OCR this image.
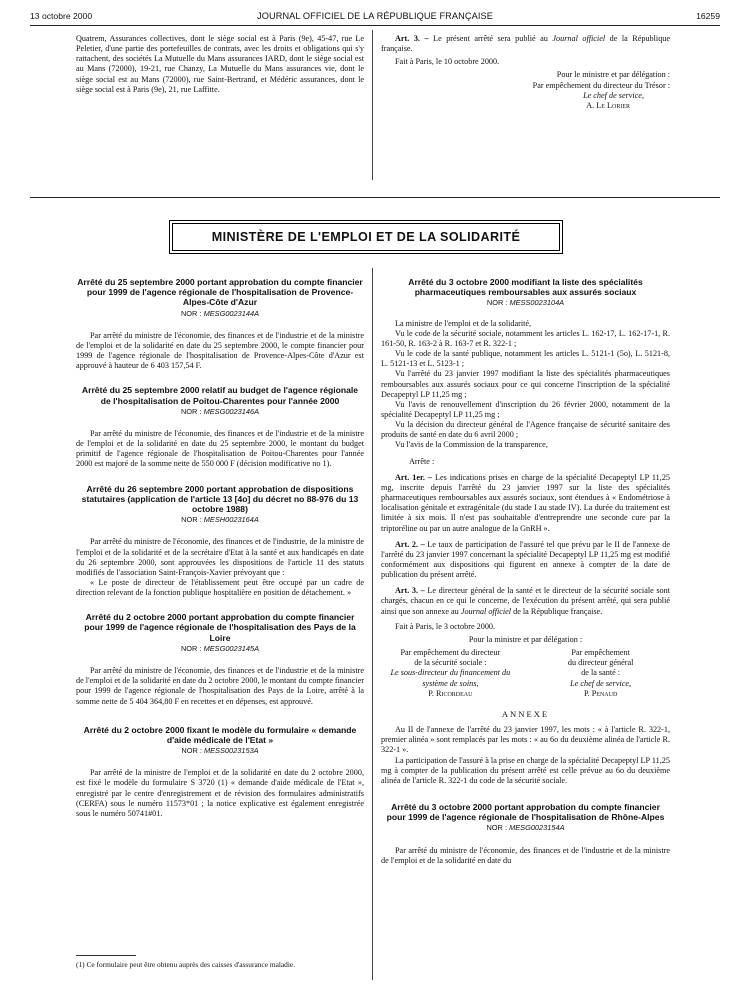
13 octobre 2000	JOURNAL OFFICIEL DE LA RÉPUBLIQUE FRANÇAISE	16259

Quatrem, Assurances collectives, dont le siège social est à Paris (9e), 45-47, rue Le Peletier, d'une partie des portefeuilles de contrats, avec les droits et obligations qui s'y rattachent, des sociétés La Mutuelle du Mans assurances IARD, dont le siège social est au Mans (72000), 19-21, rue Chanzy, La Mutuelle du Mans assurances vie, dont le siège social est au Mans (72000), rue Saint-Bertrand, et Médéric assurances, dont le siège social est à Paris (9e), 21, rue Laffitte.

Art. 3. – Le présent arrêté sera publié au Journal officiel de la République française.

Fait à Paris, le 10 octobre 2000.

Pour le ministre et par délégation :

Par empêchement du directeur du Trésor :

Le chef de service,

A. Le Lorier

MINISTÈRE DE L'EMPLOI ET DE LA SOLIDARITÉ
Arrêté du 25 septembre 2000 portant approbation du compte financier pour 1999 de l'agence régionale de l'hospitalisation de Provence-Alpes-Côte d'Azur
NOR : MESG0023144A

Par arrêté du ministre de l'économie, des finances et de l'industrie et de la ministre de l'emploi et de la solidarité en date du 25 septembre 2000, le compte financier pour 1999 de l'agence régionale de l'hospitalisation de Provence-Alpes-Côte d'Azur est approuvé à hauteur de 6 403 157,54 F.

Arrêté du 25 septembre 2000 relatif au budget de l'agence régionale de l'hospitalisation de Poitou-Charentes pour l'année 2000
NOR : MESG0023146A

Par arrêté du ministre de l'économie, des finances et de l'industrie et de la ministre de l'emploi et de la solidarité en date du 25 septembre 2000, le montant du budget primitif de l'agence régionale de l'hospitalisation de Poitou-Charentes pour l'année 2000 est majoré de la somme nette de 550 000 F (décision modificative no 1).

Arrêté du 26 septembre 2000 portant approbation de dispositions statutaires (application de l'article 13 [4o] du décret no 88-976 du 13 octobre 1988)
NOR : MESH0023164A

Par arrêté du ministre de l'économie, des finances et de l'industrie, de la ministre de l'emploi et de la solidarité et de la secrétaire d'Etat à la santé et aux handicapés en date du 26 septembre 2000, sont approuvées les dispositions de l'article 11 des statuts modifiés de l'association Saint-François-Xavier prévoyant que :

« Le poste de directeur de l'établissement peut être occupé par un cadre de direction relevant de la fonction publique hospitalière en position de détachement. »

Arrêté du 2 octobre 2000 portant approbation du compte financier pour 1999 de l'agence régionale de l'hospitalisation des Pays de la Loire
NOR : MESG0023145A

Par arrêté du ministre de l'économie, des finances et de l'industrie et de la ministre de l'emploi et de la solidarité en date du 2 octobre 2000, le montant du compte financier pour 1999 de l'agence régionale de l'hospitalisation des Pays de la Loire, arrêté à la somme nette de 5 404 364,80 F en recettes et en dépenses, est approuvé.

Arrêté du 2 octobre 2000 fixant le modèle du formulaire « demande d'aide médicale de l'Etat »
NOR : MESS0023153A

Par arrêté de la ministre de l'emploi et de la solidarité en date du 2 octobre 2000, est fixé le modèle du formulaire S 3720 (1) « demande d'aide médicale de l'Etat », enregistré par le centre d'enregistrement et de révision des formulaires administratifs (CERFA) sous le numéro 11573*01 ; la notice explicative est également enregistrée sous le numéro 50741#01.

(1) Ce formulaire peut être obtenu auprès des caisses d'assurance maladie.
Arrêté du 3 octobre 2000 modifiant la liste des spécialités pharmaceutiques remboursables aux assurés sociaux
NOR : MESS0023104A

La ministre de l'emploi et de la solidarité,

Vu le code de la sécurité sociale, notamment les articles L. 162-17, L. 162-17-1, R. 161-50, R. 163-2 à R. 163-7 et R. 322-1 ;

Vu le code de la santé publique, notamment les articles L. 5121-1 (5o), L. 5121-8, L. 5121-13 et L. 5123-1 ;

Vu l'arrêté du 23 janvier 1997 modifiant la liste des spécialités pharmaceutiques remboursables aux assurés sociaux pour ce qui concerne l'inscription de la spécialité Decapeptyl LP 11,25 mg ;

Vu l'avis de renouvellement d'inscription du 26 février 2000, notamment de la spécialité Decapeptyl LP 11,25 mg ;

Vu la décision du directeur général de l'Agence française de sécurité sanitaire des produits de santé en date du 6 avril 2000 ;

Vu l'avis de la Commission de la transparence,

Arrête :

Art. 1er. – Les indications prises en charge de la spécialité Decapeptyl LP 11,25 mg, inscrite depuis l'arrêté du 23 janvier 1997 sur la liste des spécialités pharmaceutiques remboursables aux assurés sociaux, sont étendues à « Endométriose à localisation génitale et extragénitale (du stade I au stade IV). La durée du traitement est limitée à six mois. Il n'est pas souhaitable d'entreprendre une seconde cure par la triptoréline ou par un autre analogue de la GnRH ».

Art. 2. – Le taux de participation de l'assuré tel que prévu par le II de l'annexe de l'arrêté du 23 janvier 1997 concernant la spécialité Decapeptyl LP 11,25 mg est modifié conformément aux dispositions qui figurent en annexe à compter de la date de publication du présent arrêté.

Art. 3. – Le directeur général de la santé et le directeur de la sécurité sociale sont chargés, chacun en ce qui le concerne, de l'exécution du présent arrêté, qui sera publié ainsi que son annexe au Journal officiel de la République française.

Fait à Paris, le 3 octobre 2000.

Pour la ministre et par délégation :

Par empêchement du directeur
de la sécurité sociale :
Le sous-directeur du financement du système de soins,
P. Ricordeau
Par empêchement
du directeur général
de la santé :
Le chef de service,
P. Penaud

ANNEXE

Au II de l'annexe de l'arrêté du 23 janvier 1997, les mots : « à l'article R. 322-1, premier alinéa » sont remplacés par les mots : « au 6o du deuxième alinéa de l'article R. 322-1 ».

La participation de l'assuré à la prise en charge de la spécialité Decapeptyl LP 11,25 mg à compter de la publication du présent arrêté est celle prévue au 6o du deuxième alinéa de l'article R. 322-1 du code de la sécurité sociale.

Arrêté du 3 octobre 2000 portant approbation du compte financier pour 1999 de l'agence régionale de l'hospitalisation de Rhône-Alpes
NOR : MESG0023154A

Par arrêté du ministre de l'économie, des finances et de l'industrie et de la ministre de l'emploi et de la solidarité en date du
